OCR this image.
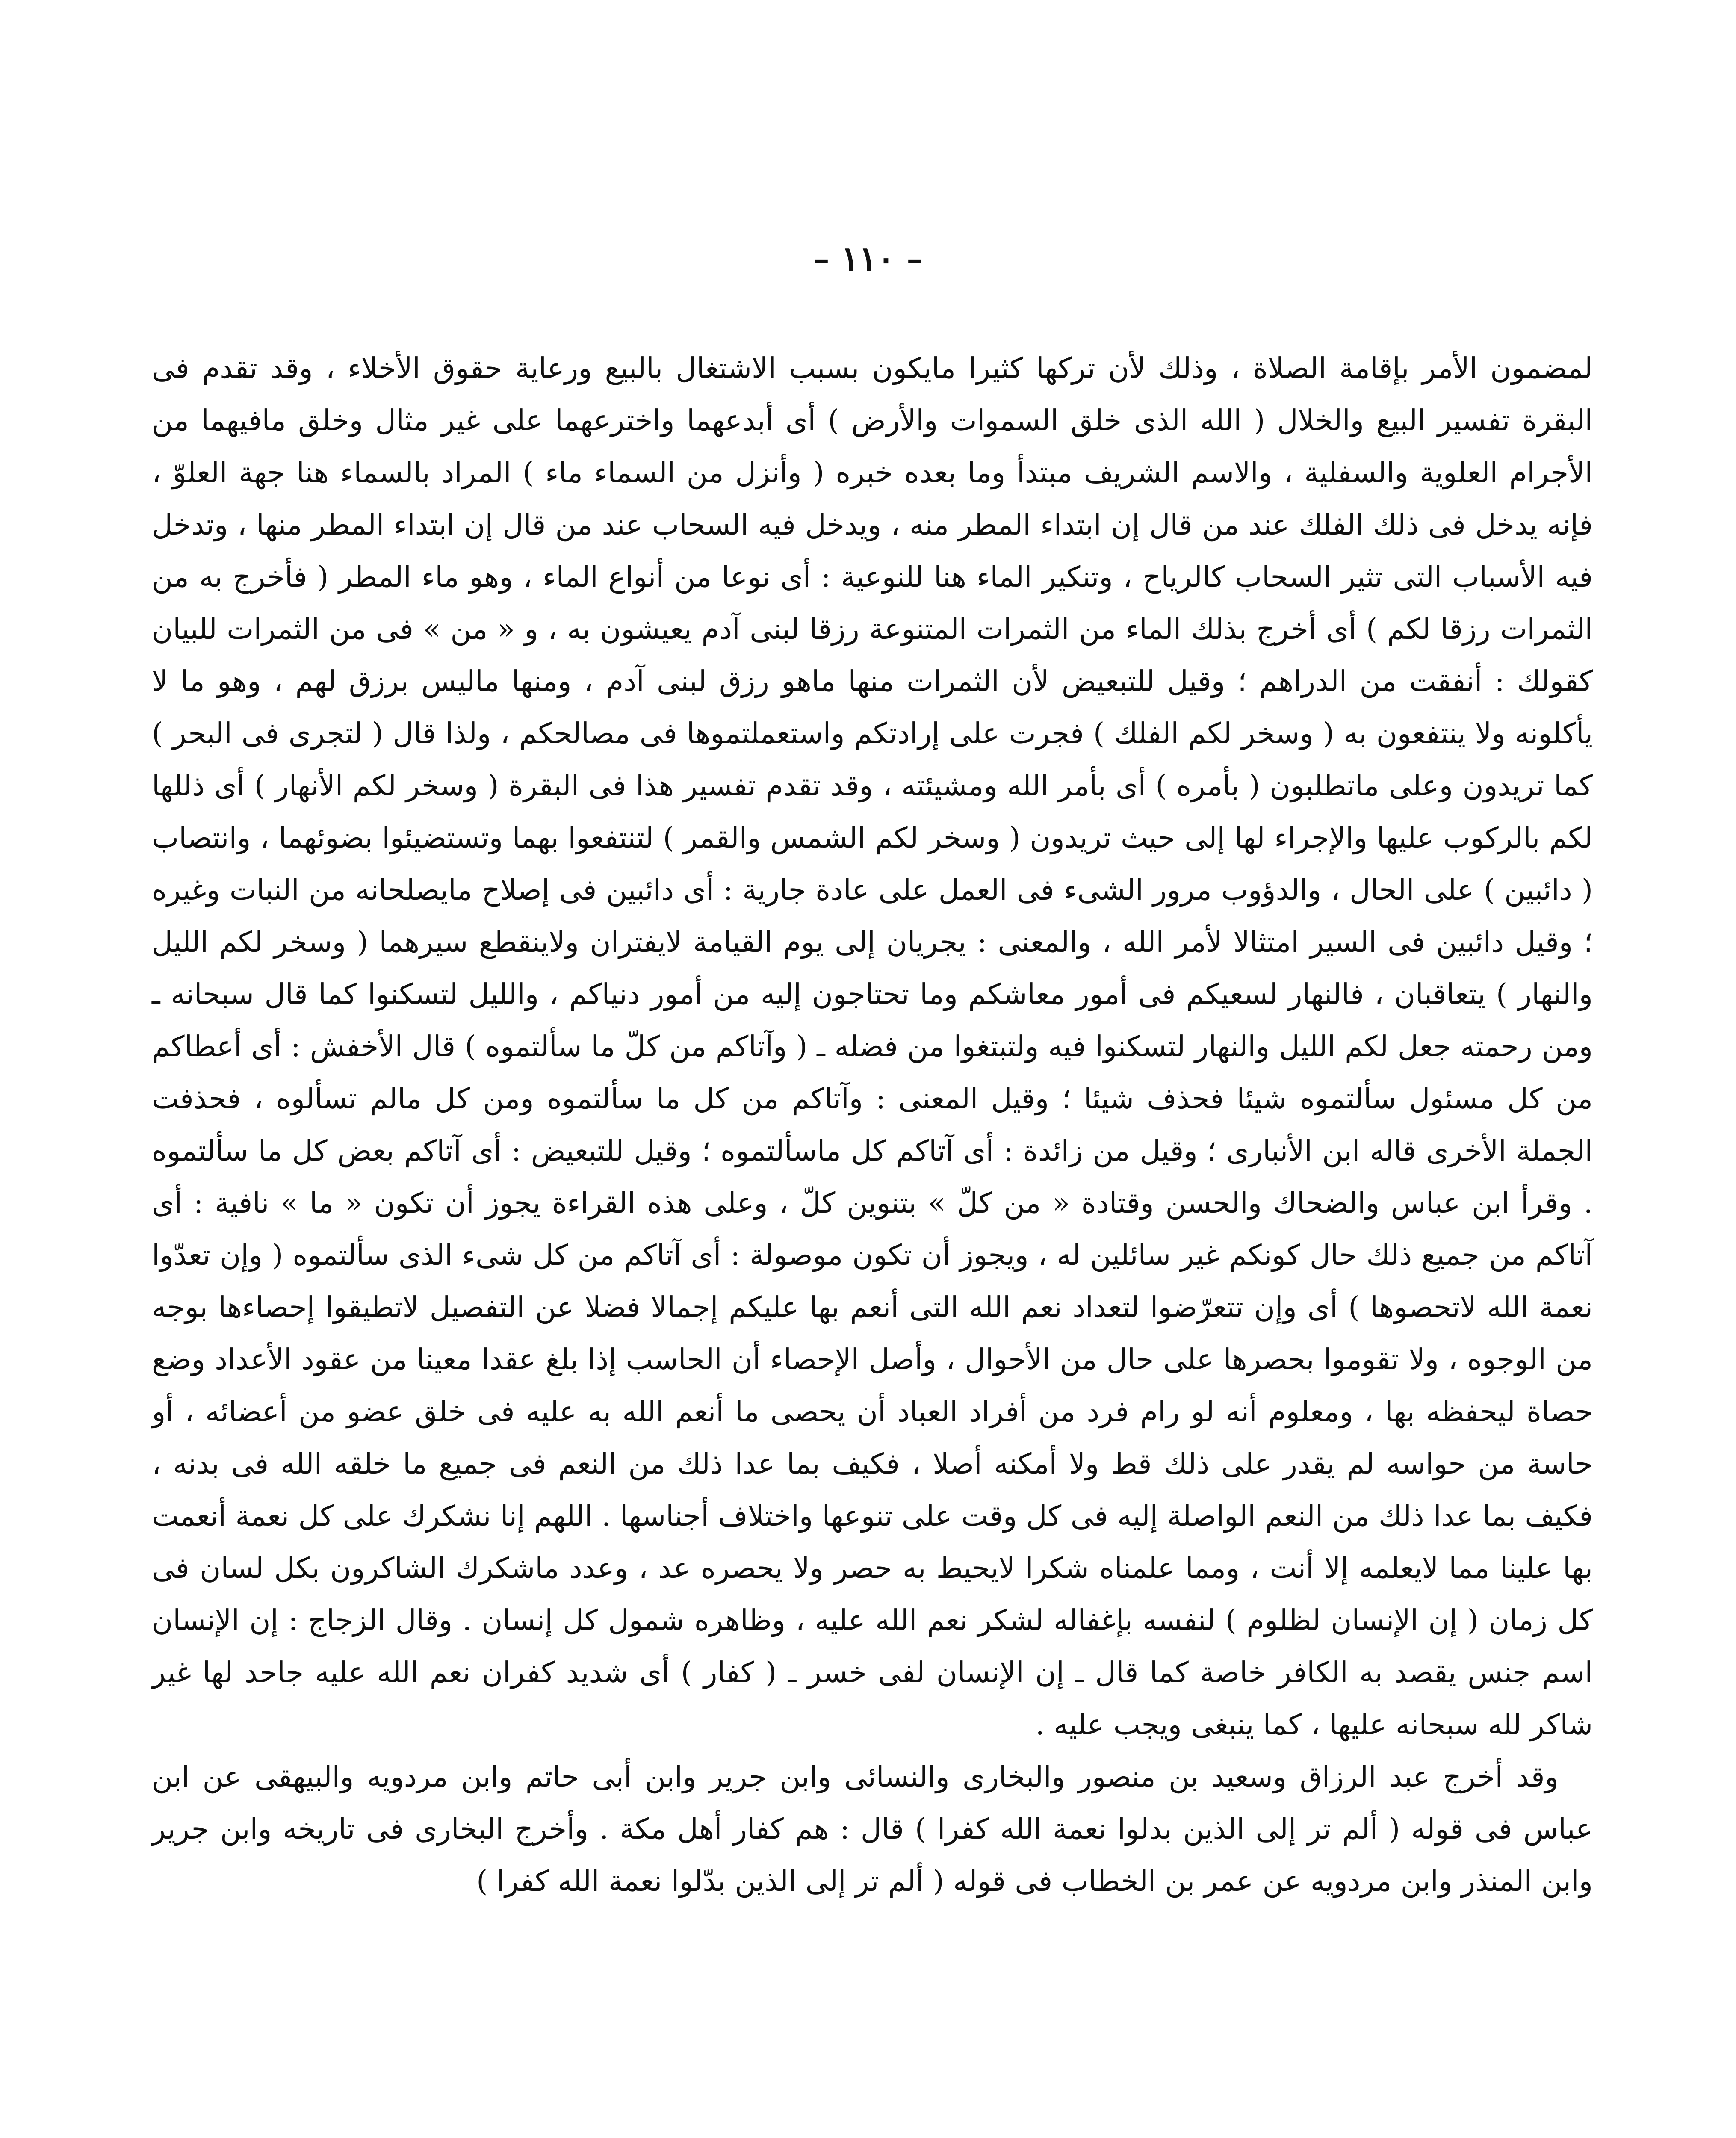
– ١١٠ –

لمضمون الأمر بإقامة الصلاة ، وذلك لأن تركها كثيرا مايكون بسبب الاشتغال بالبيع ورعاية حقوق الأخلاء ، وقد تقدم فى البقرة تفسير البيع والخلال ( الله الذى خلق السموات والأرض ) أى أبدعهما واخترعهما على غير مثال وخلق مافيهما من الأجرام العلوية والسفلية ، والاسم الشريف مبتدأ وما بعده خبره ( وأنزل من السماء ماء ) المراد بالسماء هنا جهة العلوّ ، فإنه يدخل فى ذلك الفلك عند من قال إن ابتداء المطر منه ، ويدخل فيه السحاب عند من قال إن ابتداء المطر منها ، وتدخل فيه الأسباب التى تثير السحاب كالرياح ، وتنكير الماء هنا للنوعية : أى نوعا من أنواع الماء ، وهو ماء المطر ( فأخرج به من الثمرات رزقا لكم ) أى أخرج بذلك الماء من الثمرات المتنوعة رزقا لبنى آدم يعيشون به ، و « من » فى من الثمرات للبيان كقولك : أنفقت من الدراهم ؛ وقيل للتبعيض لأن الثمرات منها ماهو رزق لبنى آدم ، ومنها ماليس برزق لهم ، وهو ما لا يأكلونه ولا ينتفعون به ( وسخر لكم الفلك ) فجرت على إرادتكم واستعملتموها فى مصالحكم ، ولذا قال ( لتجرى فى البحر ) كما تريدون وعلى ماتطلبون ( بأمره ) أى بأمر الله ومشيئته ، وقد تقدم تفسير هذا فى البقرة ( وسخر لكم الأنهار ) أى ذللها لكم بالركوب عليها والإجراء لها إلى حيث تريدون ( وسخر لكم الشمس والقمر ) لتنتفعوا بهما وتستضيئوا بضوئهما ، وانتصاب ( دائبين ) على الحال ، والدؤوب مرور الشىء فى العمل على عادة جارية : أى دائبين فى إصلاح مايصلحانه من النبات وغيره ؛ وقيل دائبين فى السير امتثالا لأمر الله ، والمعنى : يجريان إلى يوم القيامة لايفتران ولاينقطع سيرهما ( وسخر لكم الليل والنهار ) يتعاقبان ، فالنهار لسعيكم فى أمور معاشكم وما تحتاجون إليه من أمور دنياكم ، والليل لتسكنوا كما قال سبحانه ـ ومن رحمته جعل لكم الليل والنهار لتسكنوا فيه ولتبتغوا من فضله ـ ( وآتاكم من كلّ ما سألتموه ) قال الأخفش : أى أعطاكم من كل مسئول سألتموه شيئا فحذف شيئا ؛ وقيل المعنى : وآتاكم من كل ما سألتموه ومن كل مالم تسألوه ، فحذفت الجملة الأخرى قاله ابن الأنبارى ؛ وقيل من زائدة : أى آتاكم كل ماسألتموه ؛ وقيل للتبعيض : أى آتاكم بعض كل ما سألتموه . وقرأ ابن عباس والضحاك والحسن وقتادة « من كلّ » بتنوين كلّ ، وعلى هذه القراءة يجوز أن تكون « ما » نافية : أى آتاكم من جميع ذلك حال كونكم غير سائلين له ، ويجوز أن تكون موصولة : أى آتاكم من كل شىء الذى سألتموه ( وإن تعدّوا نعمة الله لاتحصوها ) أى وإن تتعرّضوا لتعداد نعم الله التى أنعم بها عليكم إجمالا فضلا عن التفصيل لاتطيقوا إحصاءها بوجه من الوجوه ، ولا تقوموا بحصرها على حال من الأحوال ، وأصل الإحصاء أن الحاسب إذا بلغ عقدا معينا من عقود الأعداد وضع حصاة ليحفظه بها ، ومعلوم أنه لو رام فرد من أفراد العباد أن يحصى ما أنعم الله به عليه فى خلق عضو من أعضائه ، أو حاسة من حواسه لم يقدر على ذلك قط ولا أمكنه أصلا ، فكيف بما عدا ذلك من النعم فى جميع ما خلقه الله فى بدنه ، فكيف بما عدا ذلك من النعم الواصلة إليه فى كل وقت على تنوعها واختلاف أجناسها . اللهم إنا نشكرك على كل نعمة أنعمت بها علينا مما لايعلمه إلا أنت ، ومما علمناه شكرا لايحيط به حصر ولا يحصره عد ، وعدد ماشكرك الشاكرون بكل لسان فى كل زمان ( إن الإنسان لظلوم ) لنفسه بإغفاله لشكر نعم الله عليه ، وظاهره شمول كل إنسان . وقال الزجاج : إن الإنسان اسم جنس يقصد به الكافر خاصة كما قال ـ إن الإنسان لفى خسر ـ ( كفار ) أى شديد كفران نعم الله عليه جاحد لها غير شاكر لله سبحانه عليها ، كما ينبغى ويجب عليه .

وقد أخرج عبد الرزاق وسعيد بن منصور والبخارى والنسائى وابن جرير وابن أبى حاتم وابن مردويه والبيهقى عن ابن عباس فى قوله ( ألم تر إلى الذين بدلوا نعمة الله كفرا ) قال : هم كفار أهل مكة . وأخرج البخارى فى تاريخه وابن جرير وابن المنذر وابن مردويه عن عمر بن الخطاب فى قوله ( ألم تر إلى الذين بدّلوا نعمة الله كفرا )
